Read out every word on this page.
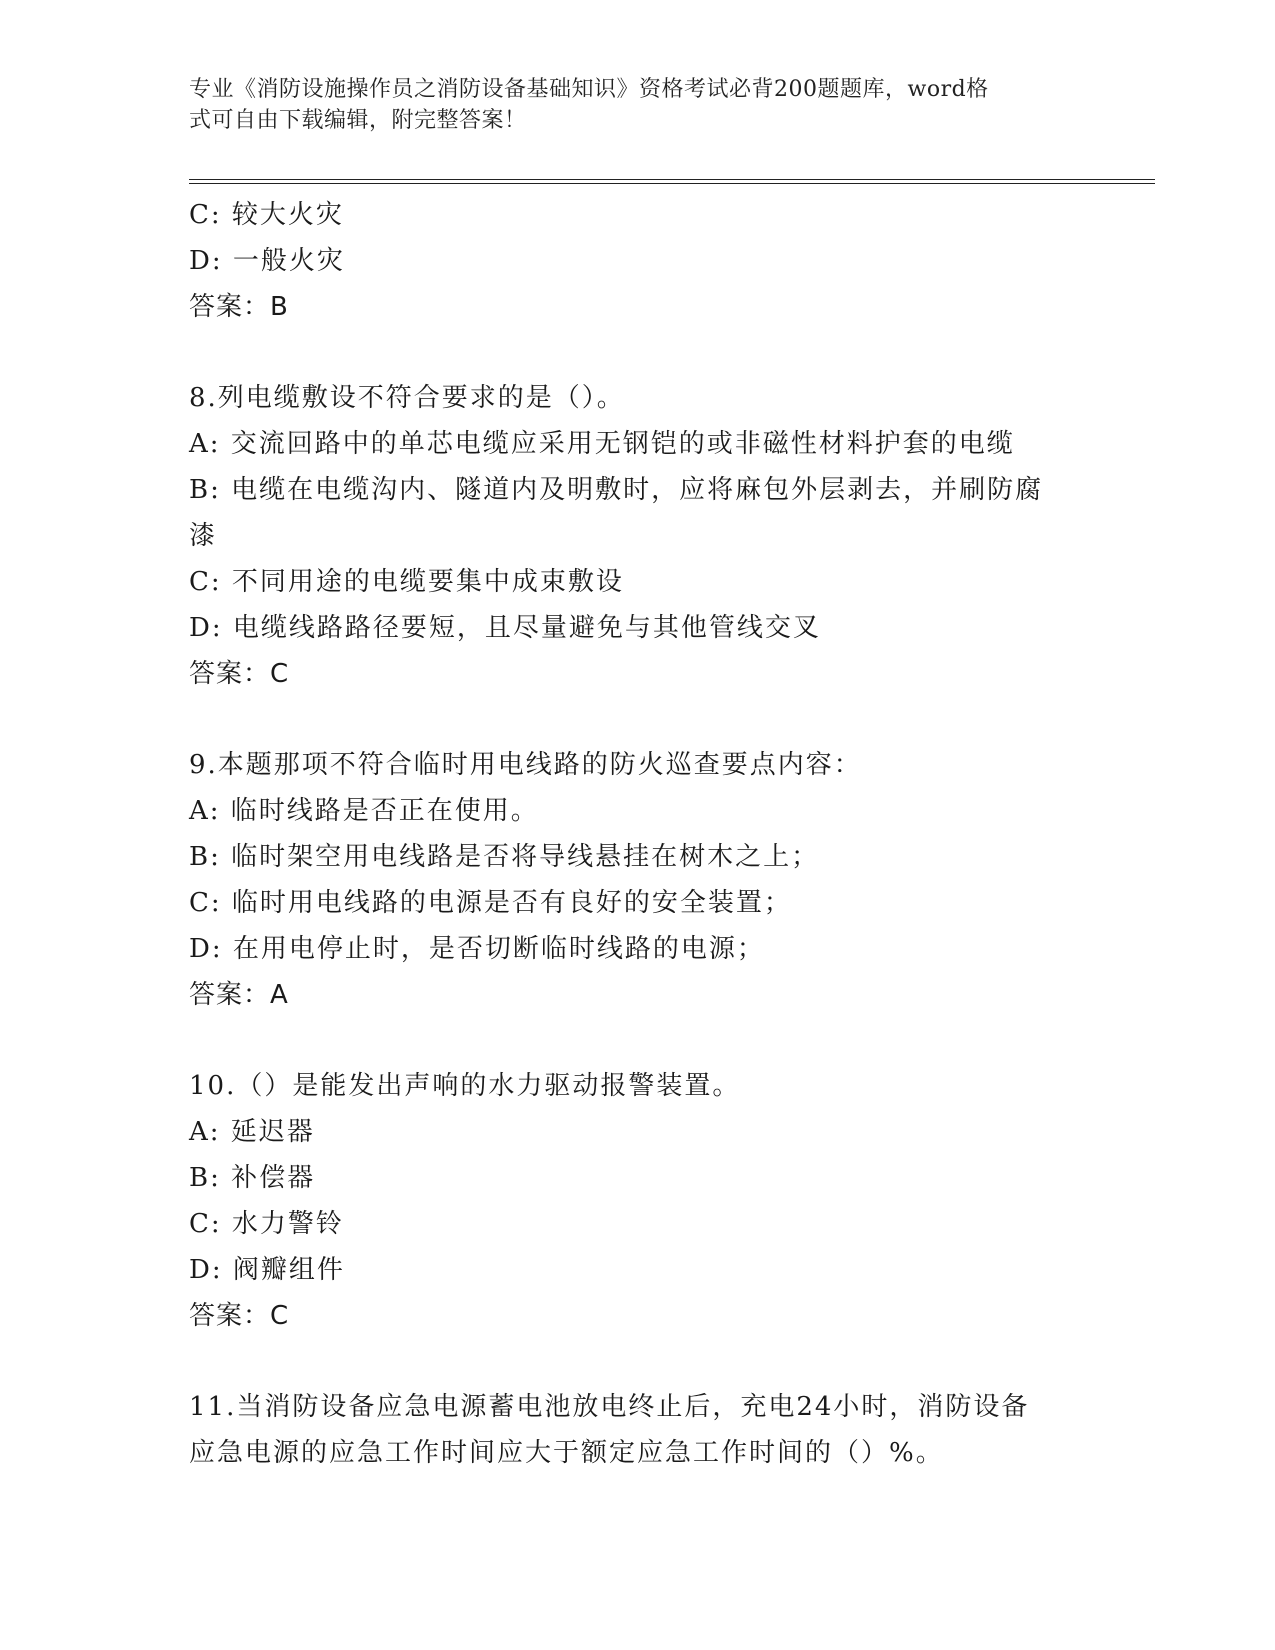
专业《消防设施操作员之消防设备基础知识》资格考试必背200题题库，word格
式可自由下载编辑，附完整答案！
C: 较大火灾
D: 一般火灾
答案：B
8.列电缆敷设不符合要求的是（）。
A: 交流回路中的单芯电缆应采用无钢铠的或非磁性材料护套的电缆
B: 电缆在电缆沟内、隧道内及明敷时，应将麻包外层剥去，并刷防腐
漆
C: 不同用途的电缆要集中成束敷设
D: 电缆线路路径要短，且尽量避免与其他管线交叉
答案：C
9.本题那项不符合临时用电线路的防火巡查要点内容：
A: 临时线路是否正在使用。
B: 临时架空用电线路是否将导线悬挂在树木之上；
C: 临时用电线路的电源是否有良好的安全装置；
D: 在用电停止时，是否切断临时线路的电源；
答案：A
10.（）是能发出声响的水力驱动报警装置。
A: 延迟器
B: 补偿器
C: 水力警铃
D: 阀瓣组件
答案：C
11.当消防设备应急电源蓄电池放电终止后，充电24小时，消防设备
应急电源的应急工作时间应大于额定应急工作时间的（）%。
